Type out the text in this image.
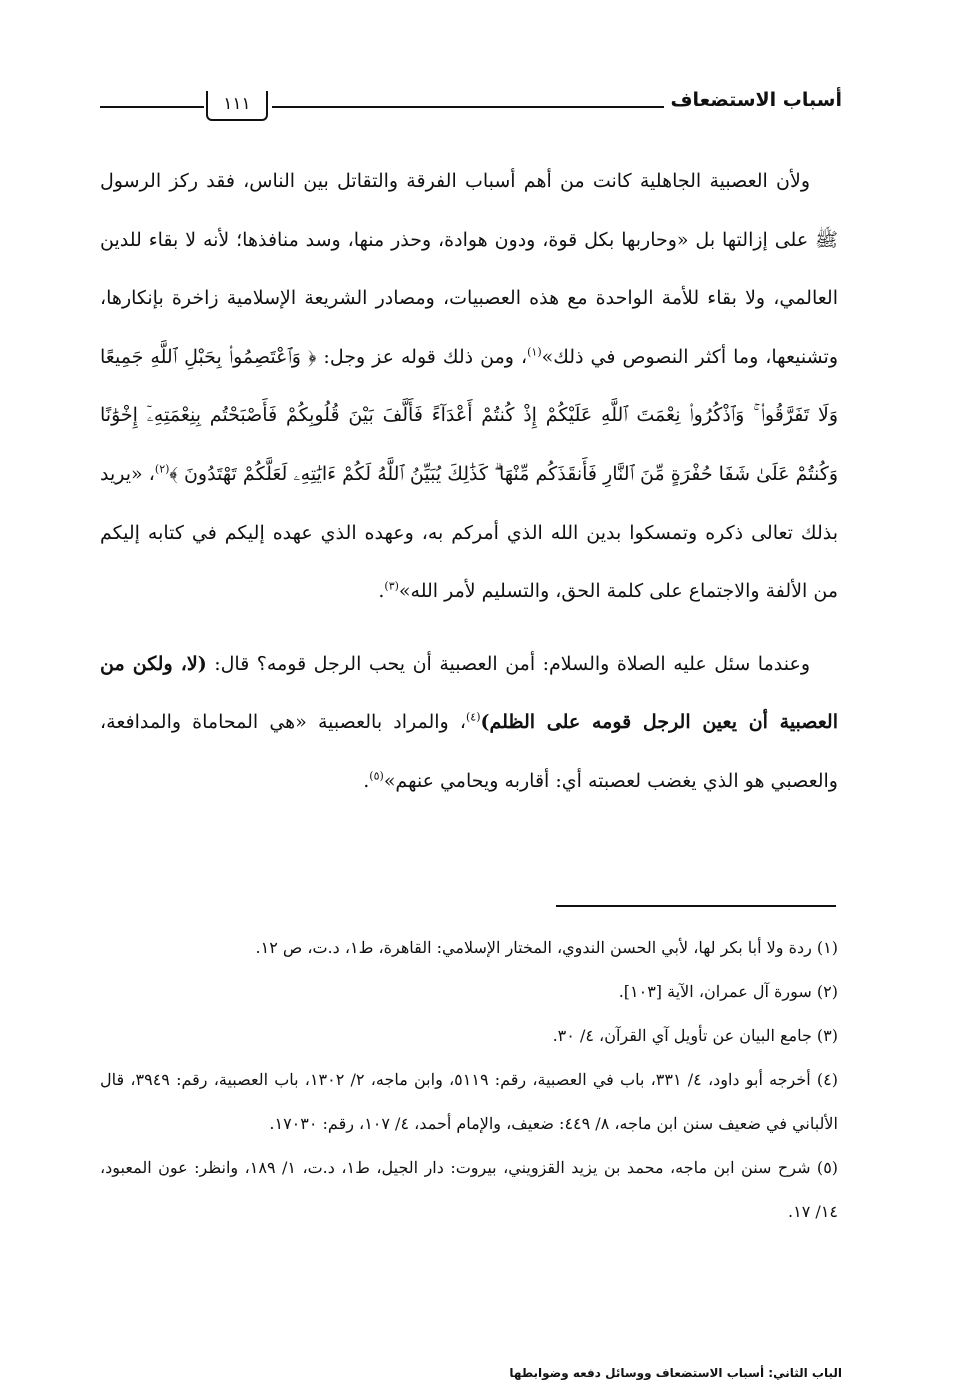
أسباب الاستضعاف
١١١

ولأن العصبية الجاهلية كانت من أهم أسباب الفرقة والتقاتل بين الناس، فقد ركز الرسول ﷺ على إزالتها بل «وحاربها بكل قوة، ودون هوادة، وحذر منها، وسد منافذها؛ لأنه لا بقاء للدين العالمي، ولا بقاء للأمة الواحدة مع هذه العصبيات، ومصادر الشريعة الإسلامية زاخرة بإنكارها، وتشنيعها، وما أكثر النصوص في ذلك»$^{(١)}$، ومن ذلك قوله عز وجل: ﴿ وَٱعْتَصِمُوا۟ بِحَبْلِ ٱللَّهِ جَمِيعًا وَلَا تَفَرَّقُوا۟ ۚ وَٱذْكُرُوا۟ نِعْمَتَ ٱللَّهِ عَلَيْكُمْ إِذْ كُنتُمْ أَعْدَآءً فَأَلَّفَ بَيْنَ قُلُوبِكُمْ فَأَصْبَحْتُم بِنِعْمَتِهِۦٓ إِخْوَٰنًا وَكُنتُمْ عَلَىٰ شَفَا حُفْرَةٍ مِّنَ ٱلنَّارِ فَأَنقَذَكُم مِّنْهَا ۗ كَذَٰلِكَ يُبَيِّنُ ٱللَّهُ لَكُمْ ءَايَٰتِهِۦ لَعَلَّكُمْ تَهْتَدُونَ ﴾$^{(٢)}$، «يريد بذلك تعالى ذكره وتمسكوا بدين الله الذي أمركم به، وعهده الذي عهده إليكم في كتابه إليكم من الألفة والاجتماع على كلمة الحق، والتسليم لأمر الله»$^{(٣)}$.

وعندما سئل عليه الصلاة والسلام: أمن العصبية أن يحب الرجل قومه؟ قال: (لا، ولكن من العصبية أن يعين الرجل قومه على الظلم)$^{(٤)}$، والمراد بالعصبية «هي المحاماة والمدافعة، والعصبي هو الذي يغضب لعصبته أي: أقاربه ويحامي عنهم»$^{(٥)}$.

(١) ردة ولا أبا بكر لها، لأبي الحسن الندوي، المختار الإسلامي: القاهرة، ط١، د.ت، ص ١٢.

(٢) سورة آل عمران، الآية [١٠٣].

(٣) جامع البيان عن تأويل آي القرآن، ٤/ ٣٠.

(٤) أخرجه أبو داود، ٤/ ٣٣١، باب في العصبية، رقم: ٥١١٩، وابن ماجه، ٢/ ١٣٠٢، باب العصبية، رقم: ٣٩٤٩، قال الألباني في ضعيف سنن ابن ماجه، ٨/ ٤٤٩: ضعيف، والإمام أحمد، ٤/ ١٠٧، رقم: ١٧٠٣٠.

(٥) شرح سنن ابن ماجه، محمد بن يزيد القزويني، بيروت: دار الجيل، ط١، د.ت، ١/ ١٨٩، وانظر: عون المعبود، ١٤/ ١٧.

الباب الثاني: أسباب الاستضعاف ووسائل دفعه وضوابطها
